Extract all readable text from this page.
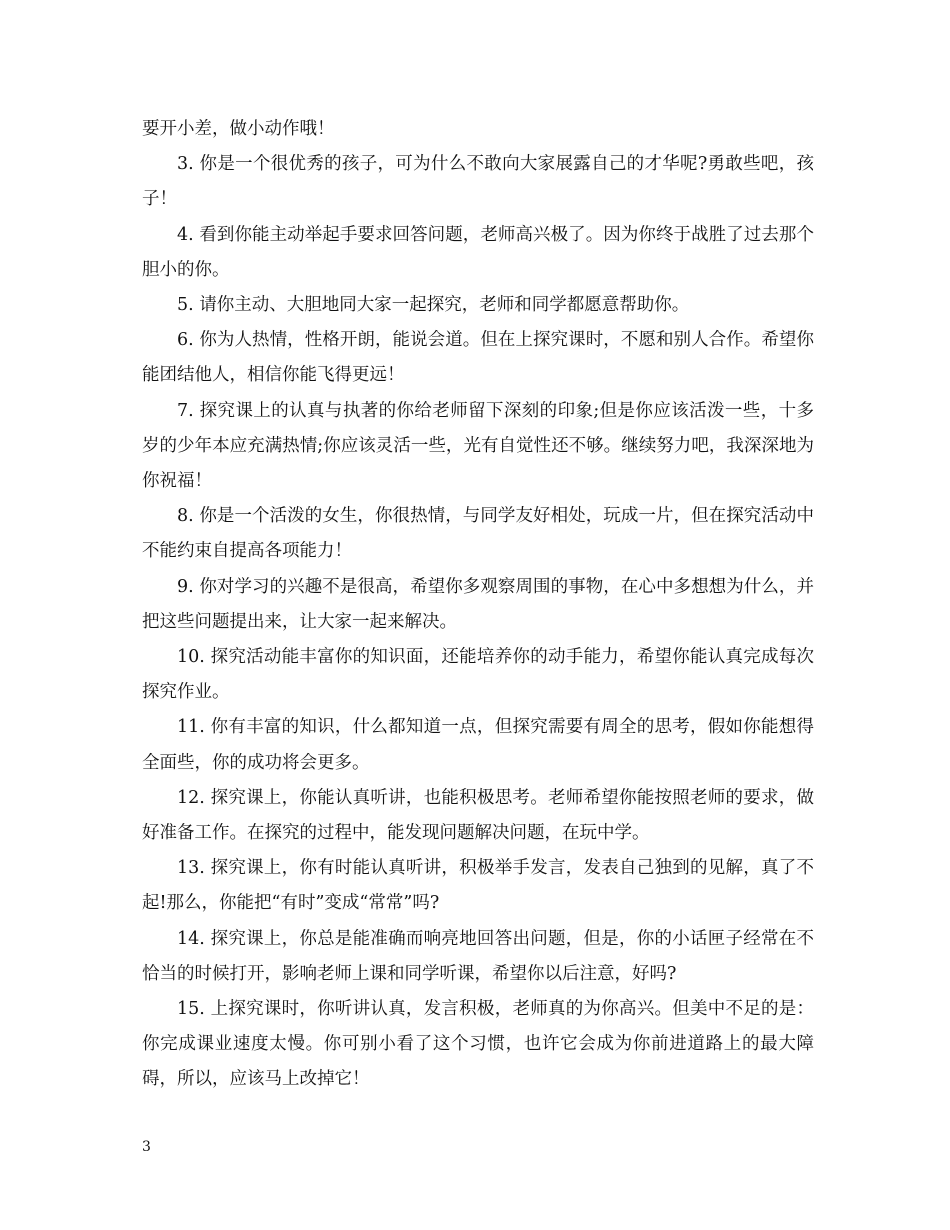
要开小差，做小动作哦！

3. 你是一个很优秀的孩子，可为什么不敢向大家展露自己的才华呢?勇敢些吧，孩子！

4. 看到你能主动举起手要求回答问题，老师高兴极了。因为你终于战胜了过去那个胆小的你。

5. 请你主动、大胆地同大家一起探究，老师和同学都愿意帮助你。

6. 你为人热情，性格开朗，能说会道。但在上探究课时，不愿和别人合作。希望你能团结他人，相信你能飞得更远！

7. 探究课上的认真与执著的你给老师留下深刻的印象;但是你应该活泼一些，十多岁的少年本应充满热情;你应该灵活一些，光有自觉性还不够。继续努力吧，我深深地为你祝福！

8. 你是一个活泼的女生，你很热情，与同学友好相处，玩成一片，但在探究活动中不能约束自提高各项能力！

9. 你对学习的兴趣不是很高，希望你多观察周围的事物，在心中多想想为什么，并把这些问题提出来，让大家一起来解决。

10. 探究活动能丰富你的知识面，还能培养你的动手能力，希望你能认真完成每次探究作业。

11. 你有丰富的知识，什么都知道一点，但探究需要有周全的思考，假如你能想得全面些，你的成功将会更多。

12. 探究课上，你能认真听讲，也能积极思考。老师希望你能按照老师的要求，做好准备工作。在探究的过程中，能发现问题解决问题，在玩中学。

13. 探究课上，你有时能认真听讲，积极举手发言，发表自己独到的见解，真了不起!那么，你能把“有时”变成“常常”吗?

14. 探究课上，你总是能准确而响亮地回答出问题，但是，你的小话匣子经常在不恰当的时候打开，影响老师上课和同学听课，希望你以后注意，好吗?

15. 上探究课时，你听讲认真，发言积极，老师真的为你高兴。但美中不足的是：你完成课业速度太慢。你可别小看了这个习惯，也许它会成为你前进道路上的最大障碍，所以，应该马上改掉它！

3
